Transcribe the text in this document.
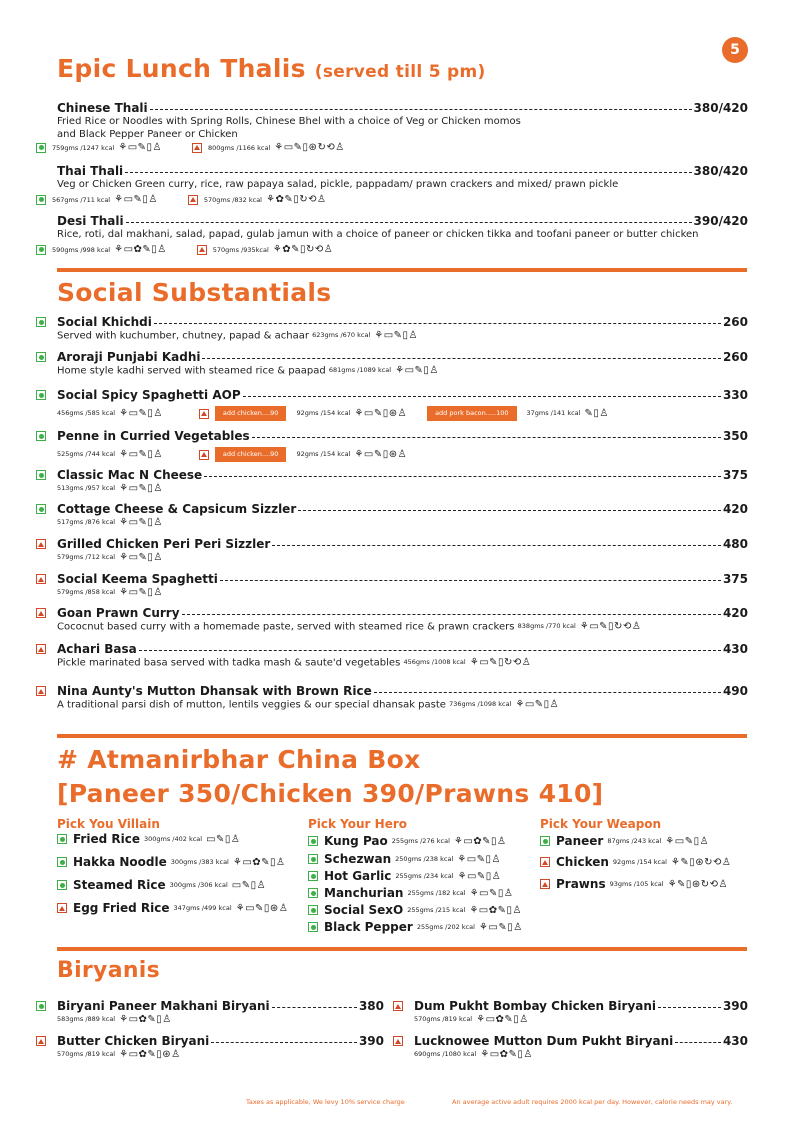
5
Epic Lunch Thalis (served till 5 pm)
Chinese Thali	380/420
Fried Rice or Noodles with Spring Rolls, Chinese Bhel with a choice of Veg or Chicken momos
and Black Pepper Paneer or Chicken
759gms /1247 kcal ⚘▭✎▯♙	800gms /1166 kcal ⚘▭✎▯⊛↻⟲♙
Thai Thali	380/420
Veg or Chicken Green curry, rice, raw papaya salad, pickle, pappadam/ prawn crackers and mixed/ prawn pickle
567gms /711 kcal ⚘▭✎▯♙	570gms /832 kcal ⚘✿✎▯↻⟲♙
Desi Thali	390/420
Rice, roti, dal makhani, salad, papad, gulab jamun with a choice of paneer or chicken tikka and toofani paneer or butter chicken
590gms /998 kcal ⚘▭✿✎▯♙	570gms /935kcal ⚘✿✎▯↻⟲♙
Social Substantials
Social Khichdi	260
Served with kuchumber, chutney, papad & achaar 623gms /670 kcal ⚘▭✎▯♙
Aroraji Punjabi Kadhi	260
Home style kadhi served with steamed rice & paapad 681gms /1089 kcal ⚘▭✎▯♙
Social Spicy Spaghetti AOP	330
456gms /585 kcal ⚘▭✎▯♙	add chicken....90	92gms /154 kcal ⚘▭✎▯⊛♙	add pork bacon.....100	37gms /141 kcal ✎▯♙
Penne in Curried Vegetables	350
525gms /744 kcal ⚘▭✎▯♙	add chicken....90	92gms /154 kcal ⚘▭✎▯⊛♙
Classic Mac N Cheese	375
513gms /957 kcal ⚘▭✎▯♙
Cottage Cheese & Capsicum Sizzler	420
517gms /876 kcal ⚘▭✎▯♙
Grilled Chicken Peri Peri Sizzler	480
579gms /712 kcal ⚘▭✎▯♙
Social Keema Spaghetti	375
579gms /858 kcal ⚘▭✎▯♙
Goan Prawn Curry	420
Cococnut based curry with a homemade paste, served with steamed rice & prawn crackers 838gms /770 kcal ⚘▭✎▯↻⟲♙
Achari Basa	430
Pickle marinated basa served with tadka mash & saute'd vegetables 456gms /1008 kcal ⚘▭✎▯↻⟲♙
Nina Aunty's Mutton Dhansak with Brown Rice	490
A traditional parsi dish of mutton, lentils veggies & our special dhansak paste 736gms /1098 kcal ⚘▭✎▯♙
# Atmanirbhar China Box
[Paneer 350/Chicken 390/Prawns 410]
Pick You Villain
Fried Rice 300gms /402 kcal ▭✎▯♙
Hakka Noodle 300gms /383 kcal ⚘▭✿✎▯♙
Steamed Rice 300gms /306 kcal ▭✎▯♙
Egg Fried Rice 347gms /499 kcal ⚘▭✎▯⊛♙
Pick Your Hero
Kung Pao 255gms /276 kcal ⚘▭✿✎▯♙
Schezwan 250gms /238 kcal ⚘▭✎▯♙
Hot Garlic 255gms /234 kcal ⚘▭✎▯♙
Manchurian 255gms /182 kcal ⚘▭✎▯♙
Social SexO 255gms /215 kcal ⚘▭✿✎▯♙
Black Pepper 255gms /202 kcal ⚘▭✎▯♙
Pick Your Weapon
Paneer 87gms /243 kcal ⚘▭✎▯♙
Chicken 92gms /154 kcal ⚘✎▯⊛↻⟲♙
Prawns 93gms /105 kcal ⚘✎▯⊛↻⟲♙
Biryanis
Biryani Paneer Makhani Biryani	380
583gms /889 kcal ⚘▭✿✎▯♙
Butter Chicken Biryani	390
570gms /819 kcal ⚘▭✿✎▯⊛♙
Dum Pukht Bombay Chicken Biryani	390
570gms /819 kcal ⚘▭✿✎▯♙
Lucknowee Mutton Dum Pukht Biryani	430
690gms /1080 kcal ⚘▭✿✎▯♙
Taxes as applicable, We levy 10% service charge	An average active adult requires 2000 kcal per day. However, calorie needs may vary.
